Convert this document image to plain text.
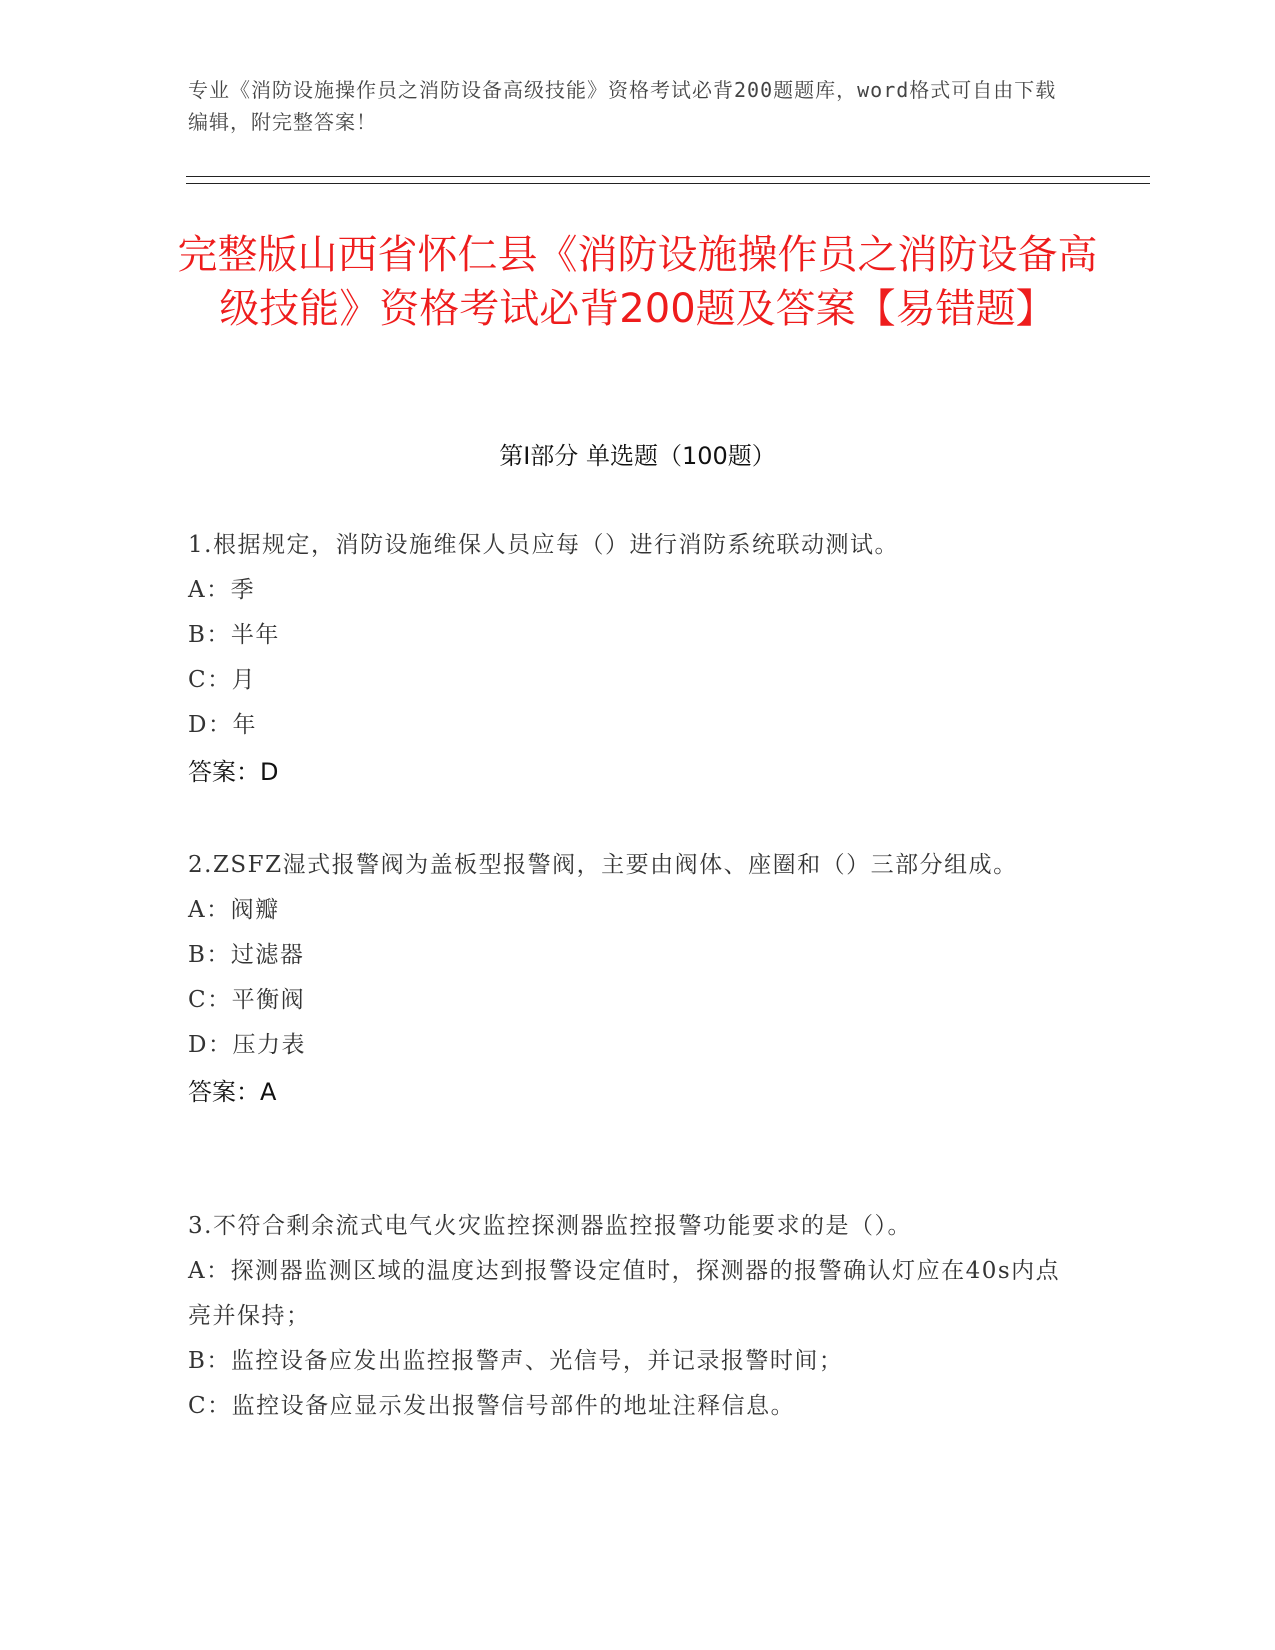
专业《消防设施操作员之消防设备高级技能》资格考试必背200题题库，word格式可自由下载编辑，附完整答案！
完整版山西省怀仁县《消防设施操作员之消防设备高级技能》资格考试必背200题及答案【易错题】
第I部分 单选题（100题）
1.根据规定，消防设施维保人员应每（）进行消防系统联动测试。
A：季
B：半年
C：月
D：年
答案：D
2.ZSFZ湿式报警阀为盖板型报警阀，主要由阀体、座圈和（）三部分组成。
A：阀瓣
B：过滤器
C：平衡阀
D：压力表
答案：A
3.不符合剩余流式电气火灾监控探测器监控报警功能要求的是（）。
A：探测器监测区域的温度达到报警设定值时，探测器的报警确认灯应在40s内点亮并保持；
B：监控设备应发出监控报警声、光信号，并记录报警时间；
C：监控设备应显示发出报警信号部件的地址注释信息。
